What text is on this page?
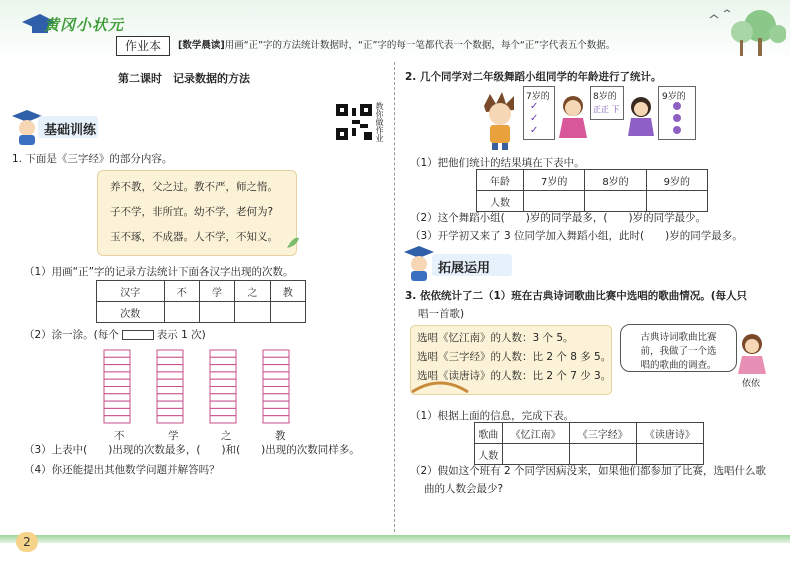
黄冈小状元
作业本	[数学晨读]用画“正”字的方法统计数据时，“正”字的每一笔都代表一个数据，每个“正”字代表五个数据。
第二课时　记录数据的方法
教你做作业
基础训练
1. 下面是《三字经》的部分内容。
养不教，父之过。教不严，师之惰。
子不学，非所宜。幼不学，老何为?
玉不琢，不成器。人不学，不知义。
（1）用画“正”字的记录方法统计下面各汉字出现的次数。
汉字	不	学	之	教
次数				
（2）涂一涂。(每个	表示 1 次)
不	学	之	教
（3）上表中(　　)出现的次数最多，(　　)和(　　)出现的次数同样多。
（4）你还能提出其他数学问题并解答吗？
2. 几个同学对二年级舞蹈小组同学的年龄进行了统计。
7岁的
✓
✓
✓
8岁的
正正 下
9岁的
（1）把他们统计的结果填在下表中。
年龄	7岁的	8岁的	9岁的
人数			
（2）这个舞蹈小组(　　)岁的同学最多，(　　)岁的同学最少。
（3）开学初又来了 3 位同学加入舞蹈小组，此时(　　)岁的同学最多。
拓展运用
3. 依依统计了二（1）班在古典诗词歌曲比赛中选唱的歌曲情况。(每人只
唱一首歌)
选唱《忆江南》的人数：3 个 5。
选唱《三字经》的人数：比 2 个 8 多 5。
选唱《读唐诗》的人数：比 2 个 7 少 3。
古典诗词歌曲比赛
前，我做了一个选
唱的歌曲的调查。
依依
（1）根据上面的信息，完成下表。
歌曲	《忆江南》	《三字经》	《读唐诗》
人数			
（2）假如这个班有 2 个同学因病没来，如果他们都参加了比赛，选唱什么歌
曲的人数会最少?
2
